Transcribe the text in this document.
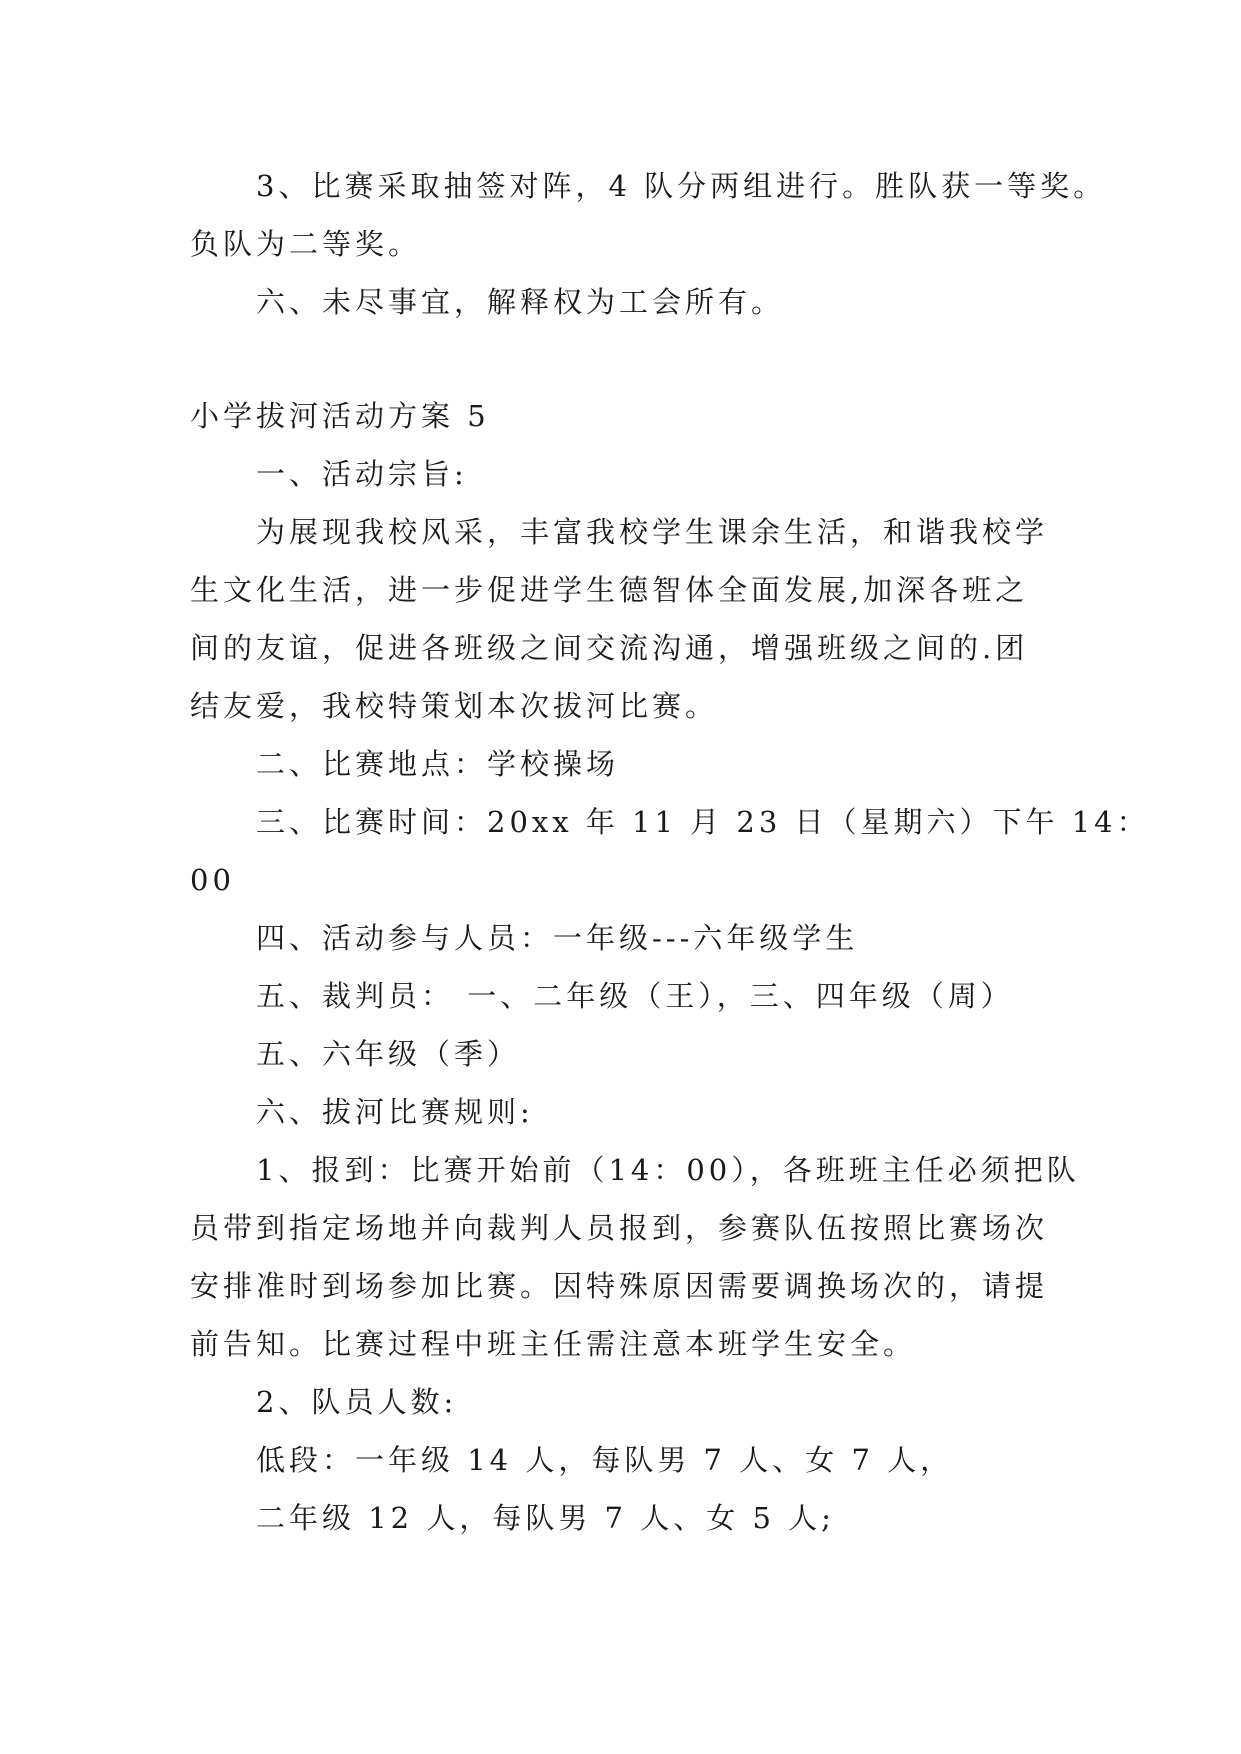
3、比赛采取抽签对阵，4 队分两组进行。胜队获一等奖。
负队为二等奖。
六、未尽事宜，解释权为工会所有。
小学拔河活动方案 5
一、活动宗旨:
为展现我校风采，丰富我校学生课余生活，和谐我校学
生文化生活，进一步促进学生德智体全面发展,加深各班之
间的友谊，促进各班级之间交流沟通，增强班级之间的.团
结友爱，我校特策划本次拔河比赛。
二、比赛地点：学校操场
三、比赛时间：20xx 年 11 月 23 日（星期六）下午 14：
00
四、活动参与人员：一年级---六年级学生
五、裁判员： 一、二年级（王），三、四年级（周）
五、六年级（季）
六、拔河比赛规则:
1、报到：比赛开始前（14：00），各班班主任必须把队
员带到指定场地并向裁判人员报到，参赛队伍按照比赛场次
安排准时到场参加比赛。因特殊原因需要调换场次的，请提
前告知。比赛过程中班主任需注意本班学生安全。
2、队员人数:
低段：一年级 14 人，每队男 7 人、女 7 人，
二年级 12 人，每队男 7 人、女 5 人;
